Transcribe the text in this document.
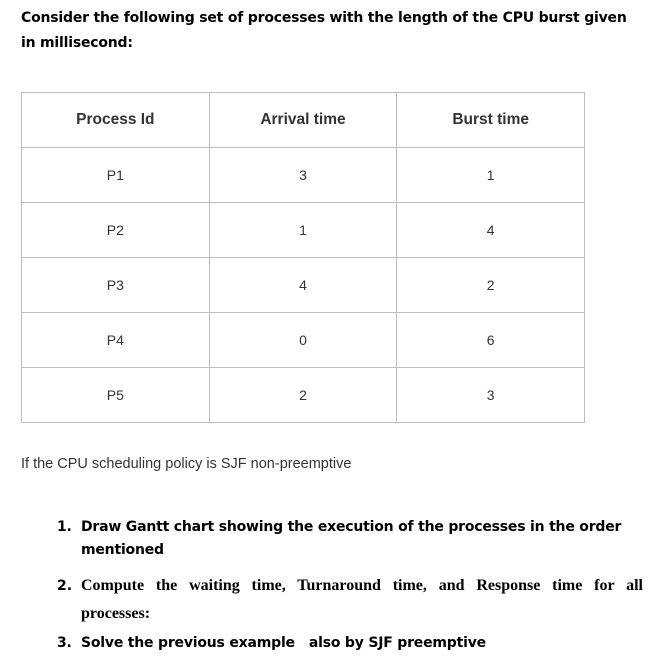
Consider the following set of processes with the length of the CPU burst given in millisecond:

Process Id	Arrival time	Burst time
P1	3	1
P2	1	4
P3	4	2
P4	0	6
P5	2	3

If the CPU scheduling policy is SJF non-preemptive

1. Draw Gantt chart showing the execution of the processes in the order mentioned
2. Compute the waiting time, Turnaround time, and Response time for all
processes:
3. Solve the previous example   also by SJF preemptive
